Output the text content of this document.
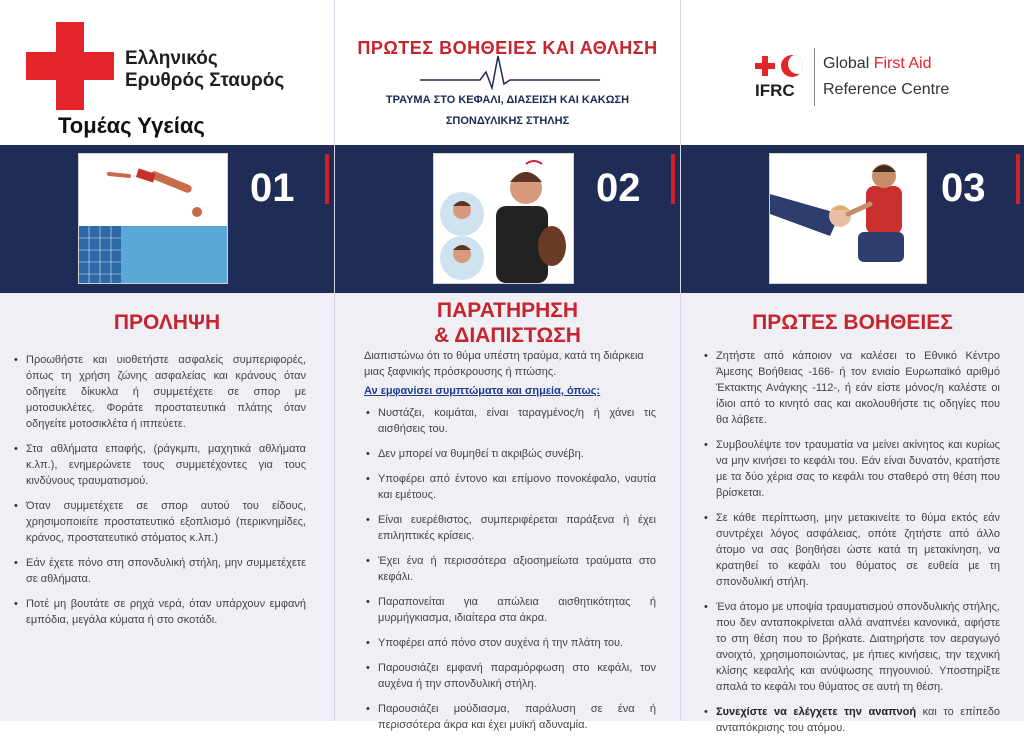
Ελληνικός
Ερυθρός Σταυρός
Τομέας Υγείας
ΠΡΩΤΕΣ ΒΟΗΘΕΙΕΣ ΚΑΙ ΑΘΛΗΣΗ
ΤΡΑΥΜΑ ΣΤΟ ΚΕΦΑΛΙ, ΔΙΑΣΕΙΣΗ ΚΑΙ ΚΑΚΩΣΗ
ΣΠΟΝΔΥΛΙΚΗΣ ΣΤΗΛΗΣ
IFRC
Global First Aid
Reference Centre
01	02	03
ΠΡΟΛΗΨΗ
• Προωθήστε και υιοθετήστε ασφαλείς συμπεριφορές, όπως τη χρήση ζώνης ασφαλείας και κράνους όταν οδηγείτε δίκυκλα ή συμμετέχετε σε σπορ με μοτοσυκλέτες. Φοράτε προστατευτικά πλάτης όταν οδηγείτε μοτοσικλέτα ή ιππεύετε.
• Στα αθλήματα επαφής, (ράγκμπι, μαχητικά αθλήματα κ.λπ.), ενημερώνετε τους συμμετέχοντες για τους κινδύνους τραυματισμού.
• Όταν συμμετέχετε σε σπορ αυτού του είδους, χρησιμοποιείτε προστατευτικό εξοπλισμό (περικνημίδες, κράνος, προστατευτικό στόματος κ.λπ.)
• Εάν έχετε πόνο στη σπονδυλική στήλη, μην συμμετέχετε σε αθλήματα.
• Ποτέ μη βουτάτε σε ρηχά νερά, όταν υπάρχουν εμφανή εμπόδια, μεγάλα κύματα ή στο σκοτάδι.
ΠΑΡΑΤΗΡΗΣΗ
& ΔΙΑΠΙΣΤΩΣΗ
Διαπιστώνω ότι το θύμα υπέστη τραύμα, κατά τη διάρκεια μιας ξαφνικής πρόσκρουσης ή πτώσης.
Αν εμφανίσει συμπτώματα και σημεία, όπως:
• Νυστάζει, κοιμάται, είναι ταραγμένος/η ή χάνει τις αισθήσεις του.
• Δεν μπορεί να θυμηθεί τι ακριβώς συνέβη.
• Υποφέρει από έντονο και επίμονο πονοκέφαλο, ναυτία και εμέτους.
• Είναι ευερέθιστος, συμπεριφέρεται παράξενα ή έχει επιληπτικές κρίσεις.
• Έχει ένα ή περισσότερα αξιοσημείωτα τραύματα στο κεφάλι.
• Παραπονείται για απώλεια αισθητικότητας ή μυρμήγκιασμα, ιδιαίτερα στα άκρα.
• Υποφέρει από πόνο στον αυχένα ή την πλάτη του.
• Παρουσιάζει εμφανή παραμόρφωση στο κεφάλι, τον αυχένα ή την σπονδυλική στήλη.
• Παρουσιάζει μούδιασμα, παράλυση σε ένα ή περισσότερα άκρα και έχει μυϊκή αδυναμία.
ΠΡΩΤΕΣ ΒΟΗΘΕΙΕΣ
• Ζητήστε από κάποιον να καλέσει το Εθνικό Κέντρο Άμεσης Βοήθειας -166- ή τον ενιαίο Ευρωπαϊκό αριθμό Έκτακτης Ανάγκης -112-, ή εάν είστε μόνος/η καλέστε οι ίδιοι από το κινητό σας και ακολουθήστε τις οδηγίες που θα λάβετε.
• Συμβουλέψτε τον τραυματία να μείνει ακίνητος και κυρίως να μην κινήσει το κεφάλι του. Εάν είναι δυνατόν, κρατήστε με τα δύο χέρια σας το κεφάλι του σταθερό στη θέση που βρίσκεται.
• Σε κάθε περίπτωση, μην μετακινείτε το θύμα εκτός εάν συντρέχει λόγος ασφάλειας, οπότε ζητήστε από άλλο άτομο να σας βοηθήσει ώστε κατά τη μετακίνηση, να κρατηθεί το κεφάλι του θύματος σε ευθεία με τη σπονδυλική στήλη.
• Ένα άτομο με υποψία τραυματισμού σπονδυλικής στήλης, που δεν ανταποκρίνεται αλλά αναπνέει κανονικά, αφήστε το στη θέση που το βρήκατε. Διατηρήστε τον αεραγωγό ανοιχτό, χρησιμοποιώντας, με ήπιες κινήσεις, την τεχνική κλίσης κεφαλής και ανύψωσης πηγουνιού. Υποστηρίξτε απαλά το κεφάλι του θύματος σε αυτή τη θέση.
• Συνεχίστε να ελέγχετε την αναπνοή και το επίπεδο ανταπόκρισης του ατόμου.
